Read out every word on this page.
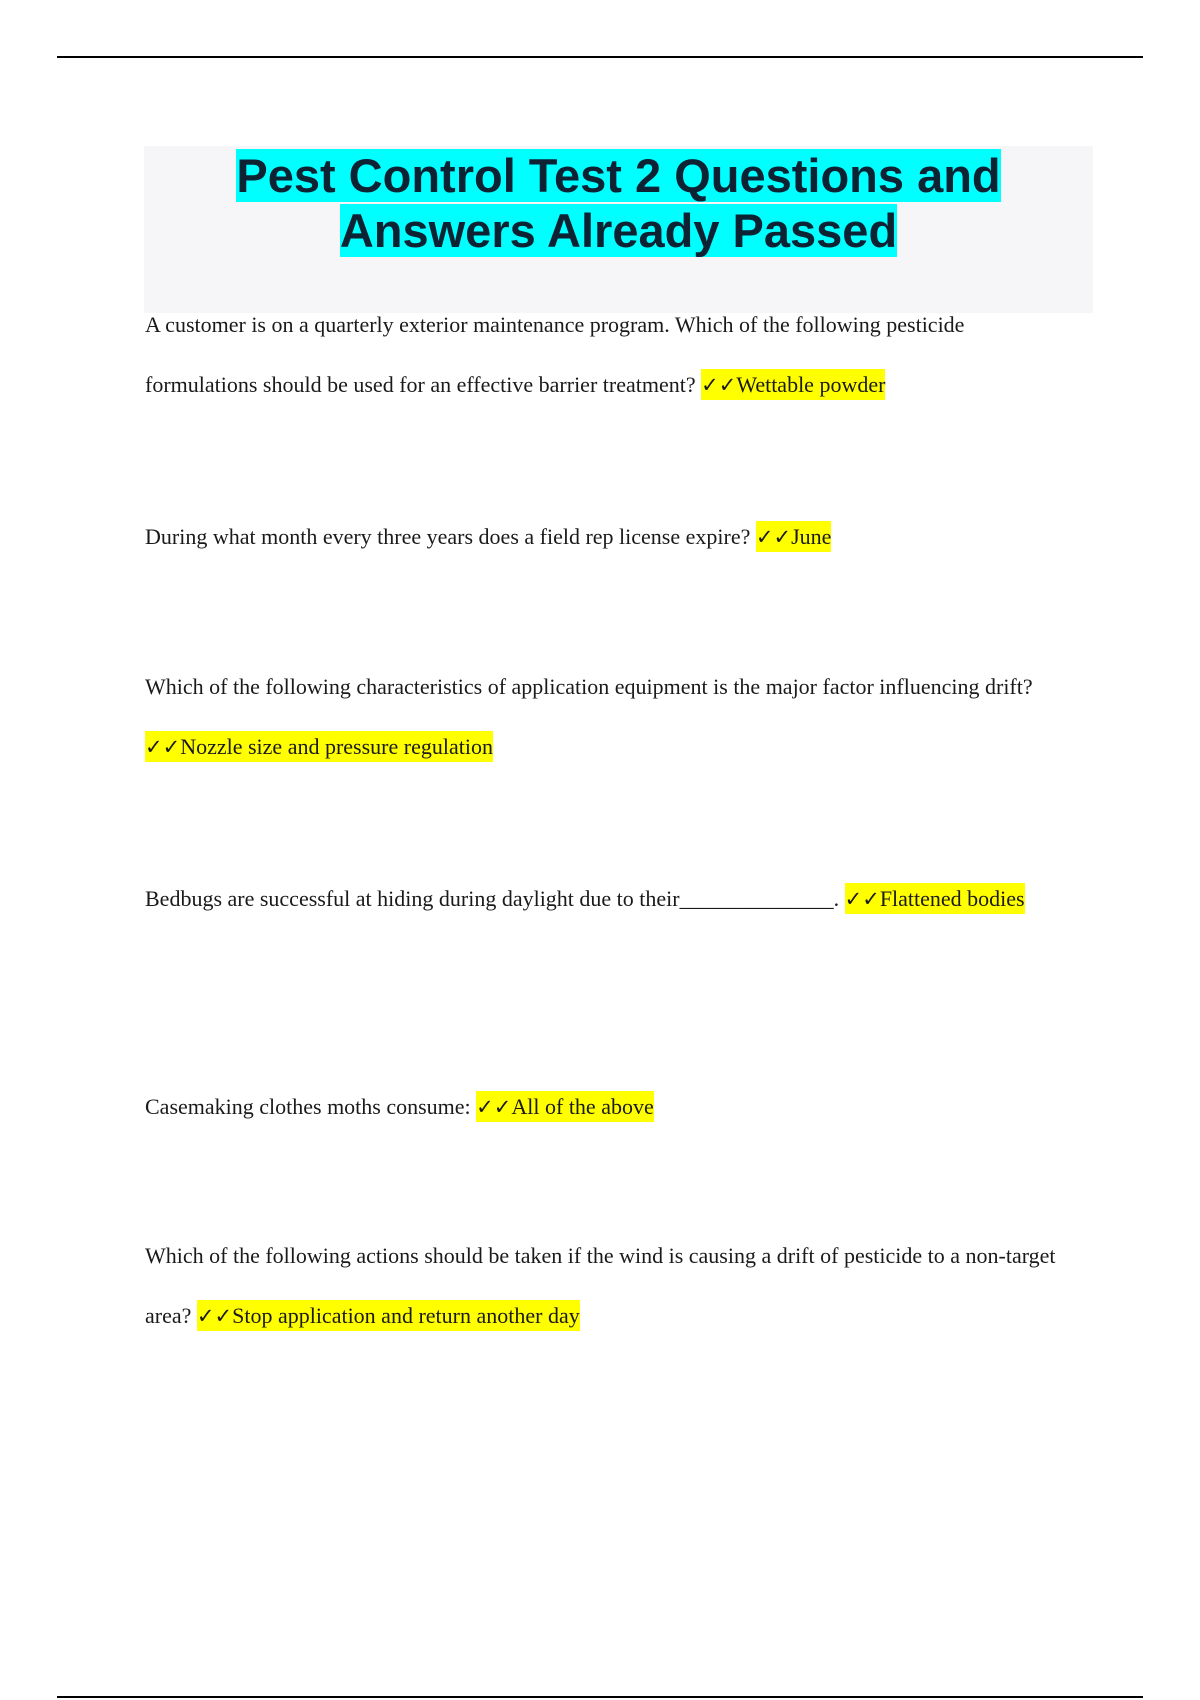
Pest Control Test 2 Questions and
Answers Already Passed

A customer is on a quarterly exterior maintenance program. Which of the following pesticide formulations should be used for an effective barrier treatment? ✓✓Wettable powder

During what month every three years does a field rep license expire? ✓✓June

Which of the following characteristics of application equipment is the major factor influencing drift? ✓✓Nozzle size and pressure regulation

Bedbugs are successful at hiding during daylight due to their______________. ✓✓Flattened bodies

Casemaking clothes moths consume: ✓✓All of the above

Which of the following actions should be taken if the wind is causing a drift of pesticide to a non-target area? ✓✓Stop application and return another day
